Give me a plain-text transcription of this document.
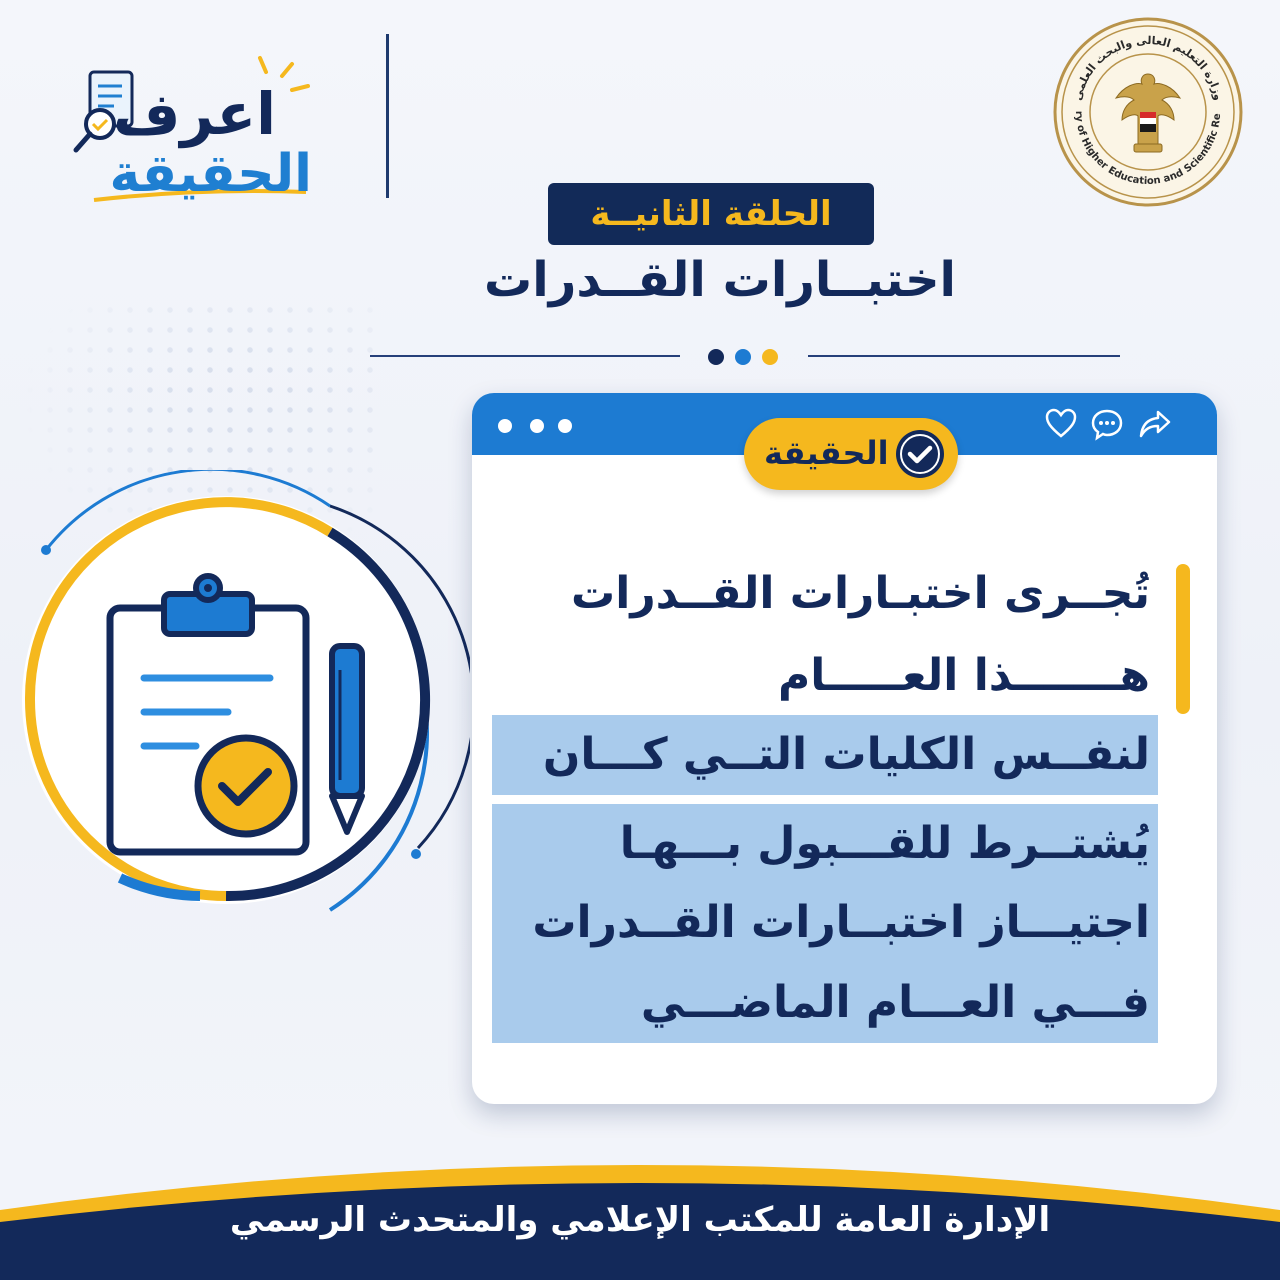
وزارة التعليم العالى والبحث العلمى
ry of Higher Education and Scientific Re
اعرف
الحقيقة
الحلقة الثانيــة
اختبــارات القــدرات
الحقيقة
تُجــرى اختبـارات القــدرات
هـــــــذا العـــــام
لنفــس الكليات التــي كـــان
يُشتــرط للقـــبول بـــهـا
اجتيـــاز اختبــارات القــدرات
فـــي العـــام الماضـــي
الإدارة العامة للمكتب الإعلامي والمتحدث الرسمي
